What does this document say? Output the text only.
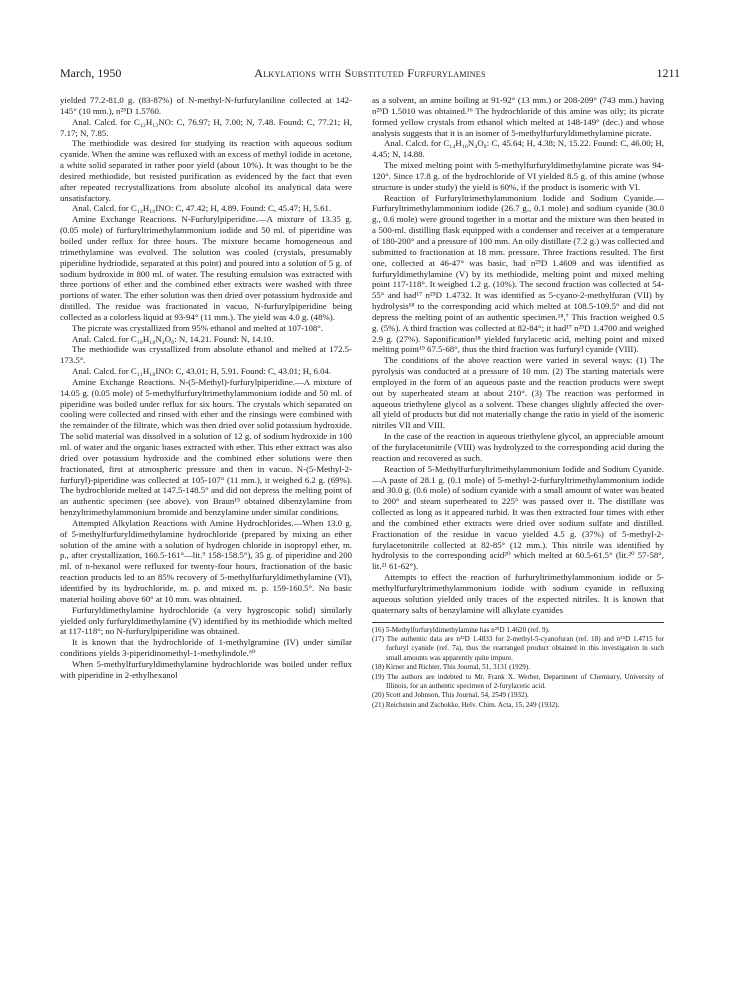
March, 1950	Alkylations with Substituted Furfurylamines	1211

yielded 77.2-81.0 g. (83-87%) of N-methyl-N-furfurylaniline collected at 142-145° (10 mm.), n²⁵D 1.5760.

Anal. Calcd. for C₁₂H₁₃NO: C, 76.97; H, 7.00; N, 7.48. Found: C, 77.21; H, 7.17; N, 7.85.

The methiodide was desired for studying its reaction with aqueous sodium cyanide. When the amine was refluxed with an excess of methyl iodide in acetone, a white solid separated in rather poor yield (about 10%). It was thought to be the desired methiodide, but resisted purification as evidenced by the fact that even after repeated recrystallizations from absolute alcohol its analytical data were unsatisfactory.

Anal. Calcd. for C₁₃H₁₆INO: C, 47.42; H, 4.89. Found: C, 45.47; H, 5.61.

Amine Exchange Reactions. N-Furfurylpiperidine.—A mixture of 13.35 g. (0.05 mole) of furfuryltrimethylammonium iodide and 50 ml. of piperidine was boiled under reflux for three hours. The mixture became homogeneous and trimethylamine was evolved. The solution was cooled (crystals, presumably piperidine hydriodide, separated at this point) and poured into a solution of 5 g. of sodium hydroxide in 800 ml. of water. The resulting emulsion was extracted with three portions of ether and the combined ether extracts were washed with three portions of water. The ether solution was then dried over potassium hydroxide and distilled. The residue was fractionated in vacuo, N-furfurylpiperidine being collected as a colorless liquid at 93-94° (11 mm.). The yield was 4.0 g. (48%).

The picrate was crystallized from 95% ethanol and melted at 107-108°.

Anal. Calcd. for C₁₆H₁₈N₄O₈: N, 14.21. Found: N, 14.10.

The methiodide was crystallized from absolute ethanol and melted at 172.5-173.5°.

Anal. Calcd. for C₁₁H₁₈INO: C, 43.01; H, 5.91. Found: C, 43.01; H, 6.04.

Amine Exchange Reactions. N-(5-Methyl)-furfurylpiperidine.—A mixture of 14.05 g. (0.05 mole) of 5-methylfurfuryltrimethylammonium iodide and 50 ml. of piperidine was boiled under reflux for six hours. The crystals which separated on cooling were collected and rinsed with ether and the rinsings were combined with the remainder of the filtrate, which was then dried over solid potassium hydroxide. The solid material was dissolved in a solution of 12 g. of sodium hydroxide in 100 ml. of water and the organic bases extracted with ether. This ether extract was also dried over potassium hydroxide and the combined ether solutions were then fractionated, first at atmospheric pressure and then in vacuo. N-(5-Methyl-2-furfuryl)-piperidine was collected at 105-107° (11 mm.), it weighed 6.2 g. (69%). The hydrochloride melted at 147.5-148.5° and did not depress the melting point of an authentic specimen (see above). von Braun¹⁵ obtained dibenzylamine from benzyltrimethylammonium bromide and benzylamine under similar conditions.

Attempted Alkylation Reactions with Amine Hydrochlorides.—When 13.0 g. of 5-methylfurfuryldimethylamine hydrochloride (prepared by mixing an ether solution of the amine with a solution of hydrogen chloride in isopropyl ether, m. p., after crystallization, 160.5-161°—lit.⁹ 158-158.5°), 35 g. of piperidine and 200 ml. of n-hexanol were refluxed for twenty-four hours, fractionation of the basic reaction products led to an 85% recovery of 5-methylfurfuryldimethylamine (VI), identified by its hydrochloride, m. p. and mixed m. p. 159-160.5°. No basic material boiling above 60° at 10 mm. was obtained.

Furfuryldimethylamine hydrochloride (a very hygroscopic solid) similarly yielded only furfuryldimethylamine (V) identified by its methiodide which melted at 117-118°; no N-furfurylpiperidine was obtained.

It is known that the hydrochloride of 1-methylgramine (IV) under similar conditions yields 3-piperidinomethyl-1-methylindole.⁶⁰

When 5-methylfurfuryldimethylamine hydrochloride was boiled under reflux with piperidine in 2-ethylhexanol

as a solvent, an amine boiling at 91-92° (13 mm.) or 208-209° (743 mm.) having n²⁵D 1.5010 was obtained.¹⁶ The hydrochloride of this amine was oily; its picrate formed yellow crystals from ethanol which melted at 148-149° (dec.) and whose analysis suggests that it is an isomer of 5-methylfurfuryldimethylamine picrate.

Anal. Calcd. for C₁₄H₁₆N₄O₈: C, 45.64; H, 4.38; N, 15.22. Found: C, 46.00; H, 4.45; N, 14.88.

The mixed melting point with 5-methylfurfuryldimethylamine picrate was 94-120°. Since 17.8 g. of the hydrochloride of VI yielded 8.5 g. of this amine (whose structure is under study) the yield is 60%, if the product is isomeric with VI.

Reaction of Furfuryltrimethylammonium Iodide and Sodium Cyanide.—Furfuryltrimethylammonium iodide (26.7 g., 0.1 mole) and sodium cyanide (30.0 g., 0.6 mole) were ground together in a mortar and the mixture was then heated in a 500-ml. distilling flask equipped with a condenser and receiver at a temperature of 180-200° and a pressure of 100 mm. An oily distillate (7.2 g.) was collected and submitted to fractionation at 18 mm. pressure. Three fractions resulted. The first one, collected at 46-47° was basic, had n²⁵D 1.4609 and was identified as furfuryldimethylamine (V) by its methiodide, melting point and mixed melting point 117-118°. It weighed 1.2 g. (10%). The second fraction was collected at 54-55° and had¹⁷ n²⁵D 1.4732. It was identified as 5-cyano-2-methylfuran (VII) by hydrolysis¹⁸ to the corresponding acid which melted at 108.5-109.5° and did not depress the melting point of an authentic specimen.¹⁸,⁷ This fraction weighed 0.5 g. (5%). A third fraction was collected at 82-84°; it had¹⁷ n²⁵D 1.4700 and weighed 2.9 g. (27%). Saponification¹⁸ yielded furylacetic acid, melting point and mixed melting point¹⁹ 67.5-68°, thus the third fraction was furfuryl cyanide (VIII).

The conditions of the above reaction were varied in several ways: (1) The pyrolysis was conducted at a pressure of 10 mm. (2) The starting materials were employed in the form of an aqueous paste and the reaction products were swept out by superheated steam at about 210°. (3) The reaction was performed in aqueous triethylene glycol as a solvent. These changes slightly affected the over-all yield of products but did not materially change the ratio in yield of the isomeric nitriles VII and VIII.

In the case of the reaction in aqueous triethylene glycol, an appreciable amount of the furylacetonitrile (VIII) was hydrolyzed to the corresponding acid during the reaction and recovered as such.

Reaction of 5-Methylfurfuryltrimethylammonium Iodide and Sodium Cyanide.—A paste of 28.1 g. (0.1 mole) of 5-methyl-2-furfuryltrimethylammonium iodide and 30.0 g. (0.6 mole) of sodium cyanide with a small amount of water was heated to 200° and steam superheated to 225° was passed over it. The distillate was collected as long as it appeared turbid. It was then extracted four times with ether and the combined ether extracts were dried over sodium sulfate and distilled. Fractionation of the residue in vacuo yielded 4.5 g. (37%) of 5-methyl-2-furylacetonitrile collected at 82-85° (12 mm.). This nitrile was identified by hydrolysis to the corresponding acid²⁰ which melted at 60.5-61.5° (lit.²⁰ 57-58°, lit.²¹ 61-62°).

Attempts to effect the reaction of furfuryltrimethylammonium iodide or 5-methylfurfuryltrimethylammonium iodide with sodium cyanide in refluxing aqueous solution yielded only traces of the expected nitriles. It is known that quaternary salts of benzylamine will alkylate cyanides

(16) 5-Methylfurfuryldimethylamine has n²⁵D 1.4620 (ref. 9).

(17) The authentic data are n²⁵D 1.4833 for 2-methyl-5-cyanofuran (ref. 18) and n²⁵D 1.4715 for furfuryl cyanide (ref. 7a), thus the rearranged product obtained in this investigation in such small amounts was apparently quite impure.

(18) Kirner and Richter, This Journal, 51, 3131 (1929).

(19) The authors are indebted to Mr. Frank X. Werber, Department of Chemistry, University of Illinois, for an authentic specimen of 2-furylacetic acid.

(20) Scott and Johnson, This Journal, 54, 2549 (1932).

(21) Reichstein and Zschokke, Helv. Chim. Acta, 15, 249 (1932).
